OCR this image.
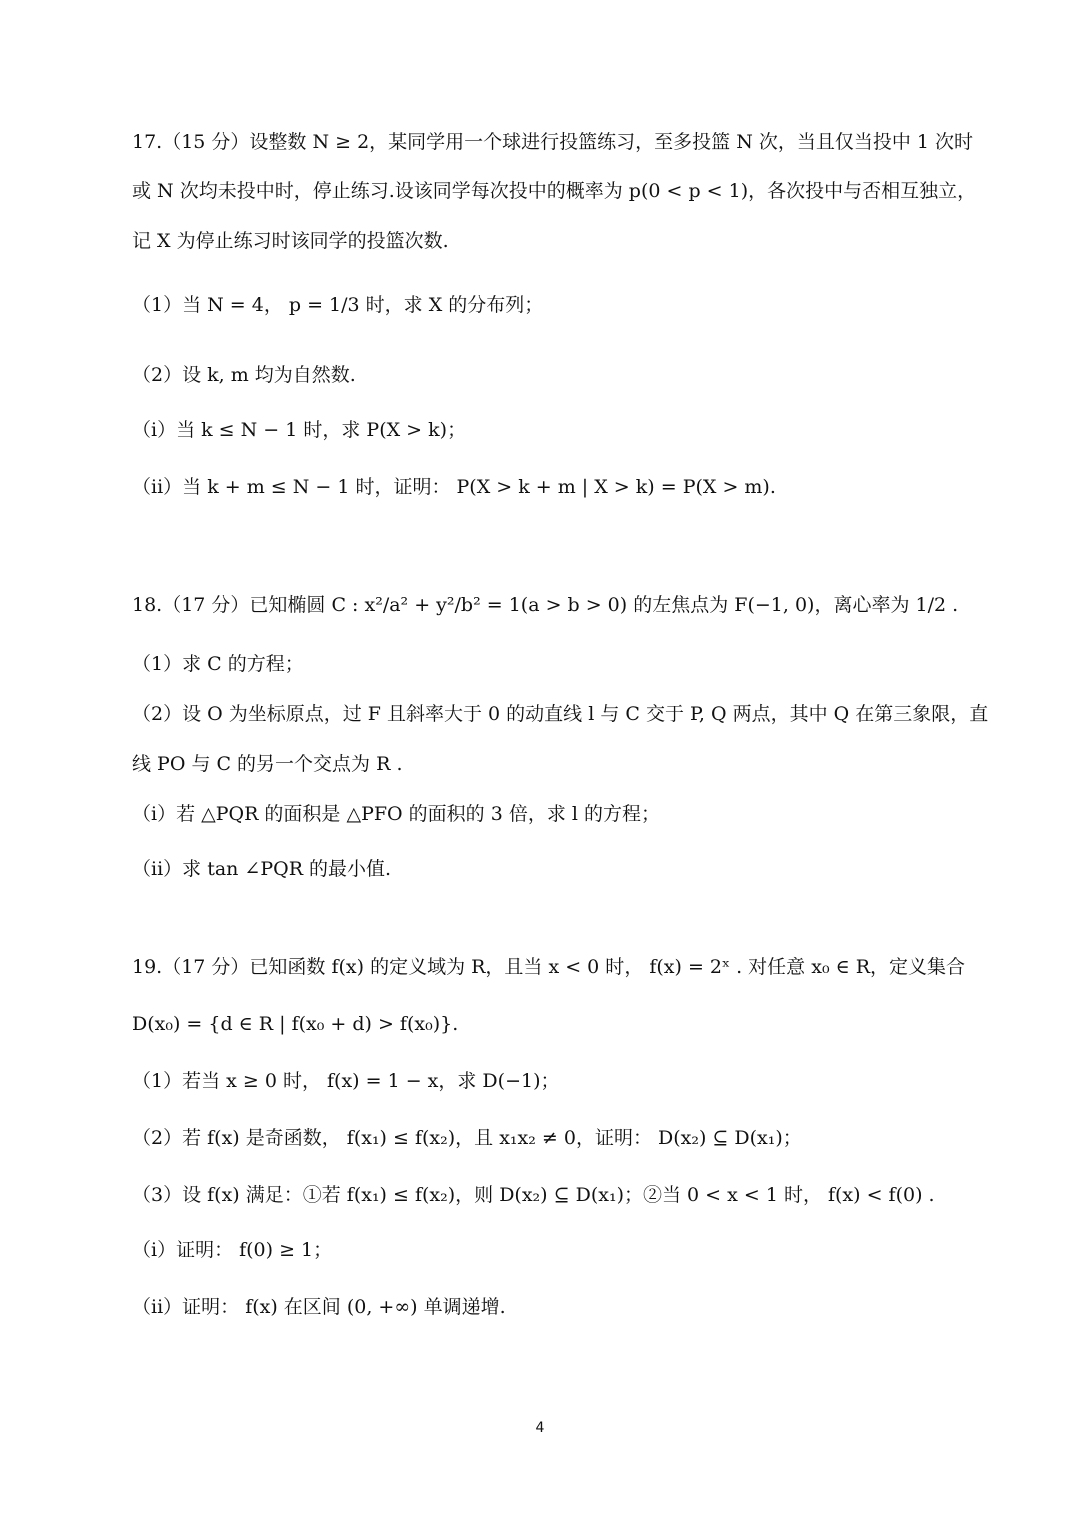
17.（15 分）设整数 N ≥ 2，某同学用一个球进行投篮练习，至多投篮 N 次，当且仅当投中 1 次时
或 N 次均未投中时，停止练习.设该同学每次投中的概率为 p(0 < p < 1)，各次投中与否相互独立，
记 X 为停止练习时该同学的投篮次数.
（1）当 N = 4， p = 1/3 时，求 X 的分布列；
（2）设 k, m 均为自然数.
（i）当 k ≤ N − 1 时，求 P(X > k)；
（ii）当 k + m ≤ N − 1 时，证明： P(X > k + m | X > k) = P(X > m).
18.（17 分）已知椭圆 C : x²/a² + y²/b² = 1(a > b > 0) 的左焦点为 F(−1, 0)，离心率为 1/2 .
（1）求 C 的方程；
（2）设 O 为坐标原点，过 F 且斜率大于 0 的动直线 l 与 C 交于 P, Q 两点，其中 Q 在第三象限，直
线 PO 与 C 的另一个交点为 R .
（i）若 △PQR 的面积是 △PFO 的面积的 3 倍，求 l 的方程；
（ii）求 tan ∠PQR 的最小值.
19.（17 分）已知函数 f(x) 的定义域为 R，且当 x < 0 时， f(x) = 2ˣ . 对任意 x₀ ∈ R，定义集合
D(x₀) = {d ∈ R | f(x₀ + d) > f(x₀)}.
（1）若当 x ≥ 0 时， f(x) = 1 − x，求 D(−1)；
（2）若 f(x) 是奇函数， f(x₁) ≤ f(x₂)，且 x₁x₂ ≠ 0，证明： D(x₂) ⊆ D(x₁)；
（3）设 f(x) 满足：①若 f(x₁) ≤ f(x₂)，则 D(x₂) ⊆ D(x₁)；②当 0 < x < 1 时， f(x) < f(0) .
（i）证明： f(0) ≥ 1；
（ii）证明： f(x) 在区间 (0, +∞) 单调递增.
4
